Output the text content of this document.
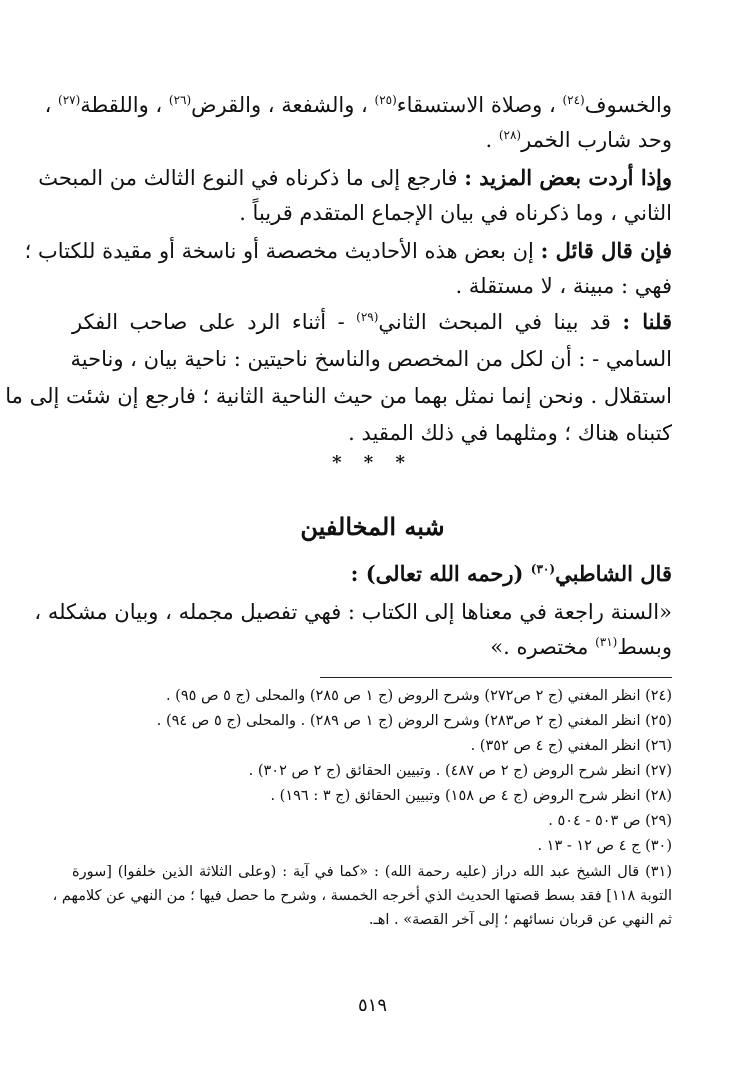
والخسوف$^{(٢٤)}$ ، وصلاة الاستسقاء$^{(٢٥)}$ ، والشفعة ، والقرض$^{(٢٦)}$ ، واللقطة$^{(٢٧)}$ ،
وحد شارب الخمر$^{(٢٨)}$ .
وإذا أردت بعض المزيد : فارجع إلى ما ذكرناه في النوع الثالث من المبحث
الثاني ، وما ذكرناه في بيان الإجماع المتقدم قريباً .
فإن قال قائل : إن بعض هذه الأحاديث مخصصة أو ناسخة أو مقيدة للكتاب ؛
فهي : مبينة ، لا مستقلة .
قلنا : قد بينا في المبحث الثاني$^{(٢٩)}$ - أثناء الرد على صاحب الفكر
السامي - : أن لكل من المخصص والناسخ ناحيتين : ناحية بيان ، وناحية
استقلال . ونحن إنما نمثل بهما من حيث الناحية الثانية ؛ فارجع إن شئت إلى ما
كتبناه هناك ؛ ومثلهما في ذلك المقيد .
* * *
شبه المخالفين
قال الشاطبي$^{(٣٠)}$ (رحمه الله تعالى) :
«السنة راجعة في معناها إلى الكتاب : فهي تفصيل مجمله ، وبيان مشكله ،
وبسط$^{(٣١)}$ مختصره .»
(٢٤) انظر المغني (ج ٢ ص٢٧٢) وشرح الروض (ج ١ ص ٢٨٥) والمحلى (ج ٥ ص ٩٥) .
(٢٥) انظر المغني (ج ٢ ص٢٨٣) وشرح الروض (ج ١ ص ٢٨٩) . والمحلى (ج ٥ ص ٩٤) .
(٢٦) انظر المغني (ج ٤ ص ٣٥٢) .
(٢٧) انظر شرح الروض (ج ٢ ص ٤٨٧) . وتبيين الحقائق (ج ٢ ص ٣٠٢) .
(٢٨) انظر شرح الروض (ج ٤ ص ١٥٨) وتبيين الحقائق (ج ٣ : ١٩٦) .
(٢٩) ص ٥٠٣ - ٥٠٤ .
(٣٠) ج ٤ ص ١٢ - ١٣ .
(٣١) قال الشيخ عبد الله دراز (عليه رحمة الله) : «كما في آية : (وعلى الثلاثة الذين خلفوا) [سورة
التوبة ١١٨] فقد بسط قصتها الحديث الذي أخرجه الخمسة ، وشرح ما حصل فيها ؛ من النهي عن كلامهم ،
ثم النهي عن قربان نسائهم ؛ إلى آخر القصة» . اهـ.
٥١٩
